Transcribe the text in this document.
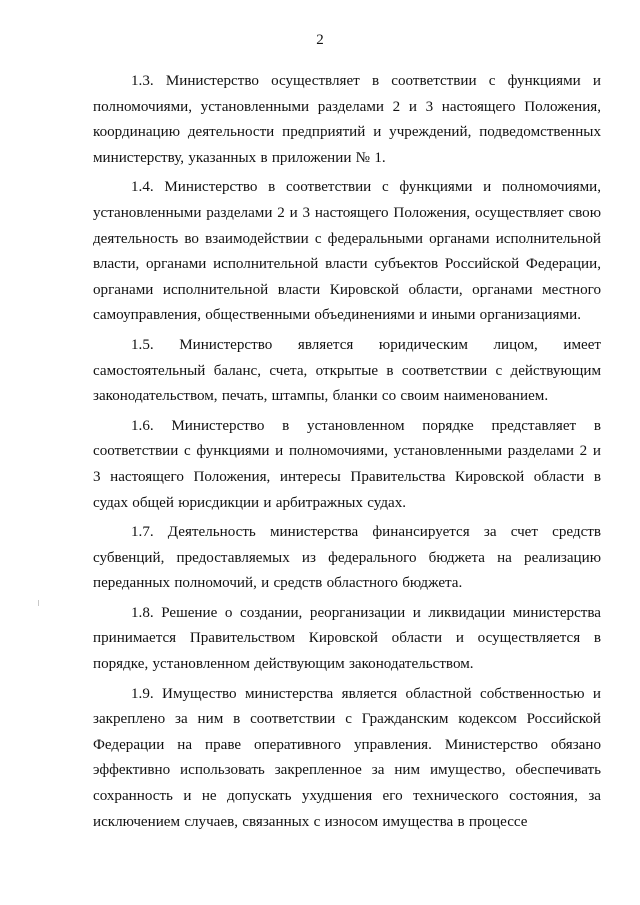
2

1.3. Министерство осуществляет в соответствии с функциями и полномочиями, установленными разделами 2 и 3 настоящего Положения, координацию деятельности предприятий и учреждений, подведомственных министерству, указанных в приложении № 1.

1.4. Министерство в соответствии с функциями и полномочиями, установленными разделами 2 и 3 настоящего Положения, осуществляет свою деятельность во взаимодействии с федеральными органами исполнительной власти, органами исполнительной власти субъектов Российской Федерации, органами исполнительной власти Кировской области, органами местного самоуправления, общественными объединениями и иными организациями.

1.5. Министерство является юридическим лицом, имеет самостоятельный баланс, счета, открытые в соответствии с действующим законодательством, печать, штампы, бланки со своим наименованием.

1.6. Министерство в установленном порядке представляет в соответствии с функциями и полномочиями, установленными разделами 2 и 3 настоящего Положения, интересы Правительства Кировской области в судах общей юрисдикции и арбитражных судах.

1.7. Деятельность министерства финансируется за счет средств субвенций, предоставляемых из федерального бюджета на реализацию переданных полномочий, и средств областного бюджета.

1.8. Решение о создании, реорганизации и ликвидации министерства принимается Правительством Кировской области и осуществляется в порядке, установленном действующим законодательством.

1.9. Имущество министерства является областной собственностью и закреплено за ним в соответствии с Гражданским кодексом Российской Федерации на праве оперативного управления. Министерство обязано эффективно использовать закрепленное за ним имущество, обеспечивать сохранность и не допускать ухудшения его технического состояния, за исключением случаев, связанных с износом имущества в процессе
